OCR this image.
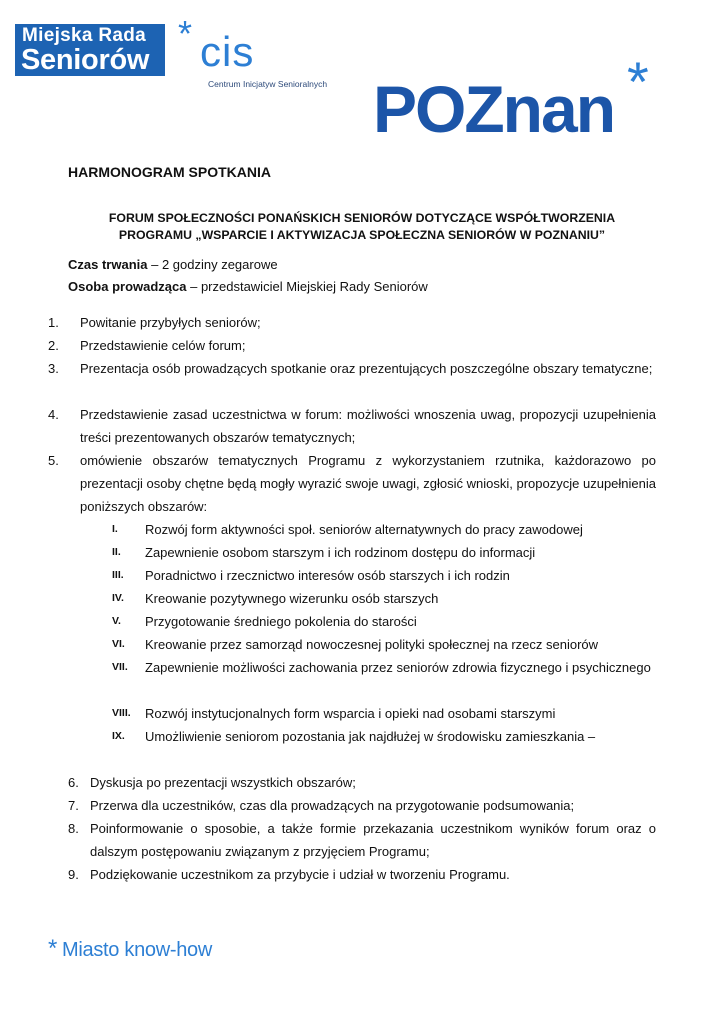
Miejska Rada
Seniorów
* cis
Centrum Inicjatyw Senioralnych POZnan *
HARMONOGRAM SPOTKANIA
FORUM SPOŁECZNOŚCI PONAŃSKICH SENIORÓW DOTYCZĄCE WSPÓŁTWORZENIA
PROGRAMU „WSPARCIE I AKTYWIZACJA SPOŁECZNA SENIORÓW W POZNANIU”
Czas trwania – 2 godziny zegarowe
Osoba prowadząca – przedstawiciel Miejskiej Rady Seniorów
1. Powitanie przybyłych seniorów;
2. Przedstawienie celów forum;
3. Prezentacja osób prowadzących spotkanie oraz prezentujących poszczególne obszary tematyczne;
4. Przedstawienie zasad uczestnictwa w forum: możliwości wnoszenia uwag, propozycji uzupełnienia treści prezentowanych obszarów tematycznych;
5. omówienie obszarów tematycznych Programu z wykorzystaniem rzutnika, każdorazowo po prezentacji osoby chętne będą mogły wyrazić swoje uwagi, zgłosić wnioski, propozycje uzupełnienia poniższych obszarów:
I. Rozwój form aktywności społ. seniorów alternatywnych do pracy zawodowej
II. Zapewnienie osobom starszym i ich rodzinom dostępu do informacji
III. Poradnictwo i rzecznictwo interesów osób starszych i ich rodzin
IV. Kreowanie pozytywnego wizerunku osób starszych
V. Przygotowanie średniego pokolenia do starości
VI. Kreowanie przez samorząd nowoczesnej polityki społecznej na rzecz seniorów
VII. Zapewnienie możliwości zachowania przez seniorów zdrowia fizycznego i psychicznego
VIII. Rozwój instytucjonalnych form wsparcia i opieki nad osobami starszymi
IX. Umożliwienie seniorom pozostania jak najdłużej w środowisku zamieszkania –
6. Dyskusja po prezentacji wszystkich obszarów;
7. Przerwa dla uczestników, czas dla prowadzących na przygotowanie podsumowania;
8. Poinformowanie o sposobie, a także formie przekazania uczestnikom wyników forum oraz o dalszym postępowaniu związanym z przyjęciem Programu;
9. Podziękowanie uczestnikom za przybycie i udział w tworzeniu Programu.
* Miasto know-how
